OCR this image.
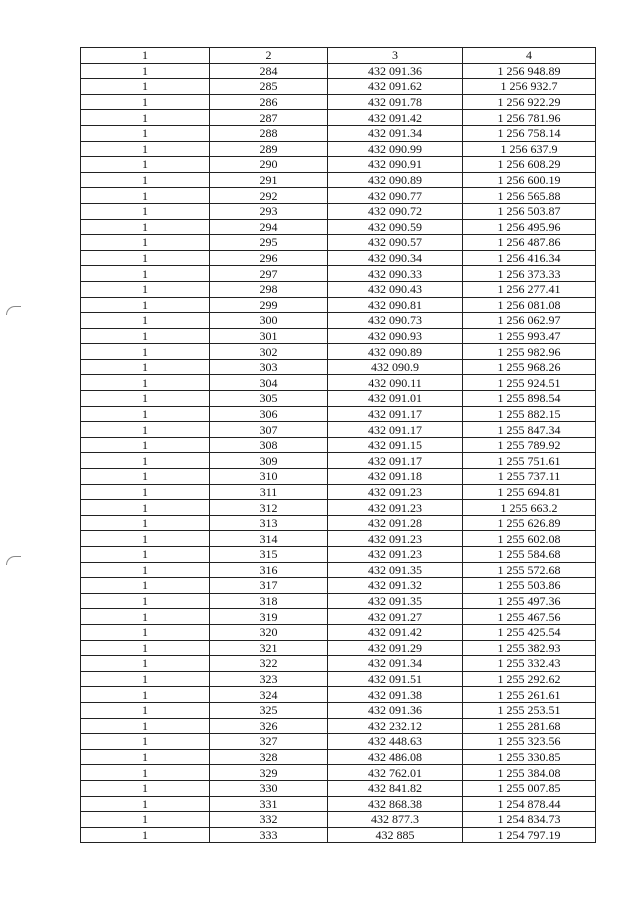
1	2	3	4
1	284	432 091.36	1 256 948.89
1	285	432 091.62	1 256 932.7
1	286	432 091.78	1 256 922.29
1	287	432 091.42	1 256 781.96
1	288	432 091.34	1 256 758.14
1	289	432 090.99	1 256 637.9
1	290	432 090.91	1 256 608.29
1	291	432 090.89	1 256 600.19
1	292	432 090.77	1 256 565.88
1	293	432 090.72	1 256 503.87
1	294	432 090.59	1 256 495.96
1	295	432 090.57	1 256 487.86
1	296	432 090.34	1 256 416.34
1	297	432 090.33	1 256 373.33
1	298	432 090.43	1 256 277.41
1	299	432 090.81	1 256 081.08
1	300	432 090.73	1 256 062.97
1	301	432 090.93	1 255 993.47
1	302	432 090.89	1 255 982.96
1	303	432 090.9	1 255 968.26
1	304	432 090.11	1 255 924.51
1	305	432 091.01	1 255 898.54
1	306	432 091.17	1 255 882.15
1	307	432 091.17	1 255 847.34
1	308	432 091.15	1 255 789.92
1	309	432 091.17	1 255 751.61
1	310	432 091.18	1 255 737.11
1	311	432 091.23	1 255 694.81
1	312	432 091.23	1 255 663.2
1	313	432 091.28	1 255 626.89
1	314	432 091.23	1 255 602.08
1	315	432 091.23	1 255 584.68
1	316	432 091.35	1 255 572.68
1	317	432 091.32	1 255 503.86
1	318	432 091.35	1 255 497.36
1	319	432 091.27	1 255 467.56
1	320	432 091.42	1 255 425.54
1	321	432 091.29	1 255 382.93
1	322	432 091.34	1 255 332.43
1	323	432 091.51	1 255 292.62
1	324	432 091.38	1 255 261.61
1	325	432 091.36	1 255 253.51
1	326	432 232.12	1 255 281.68
1	327	432 448.63	1 255 323.56
1	328	432 486.08	1 255 330.85
1	329	432 762.01	1 255 384.08
1	330	432 841.82	1 255 007.85
1	331	432 868.38	1 254 878.44
1	332	432 877.3	1 254 834.73
1	333	432 885	1 254 797.19
